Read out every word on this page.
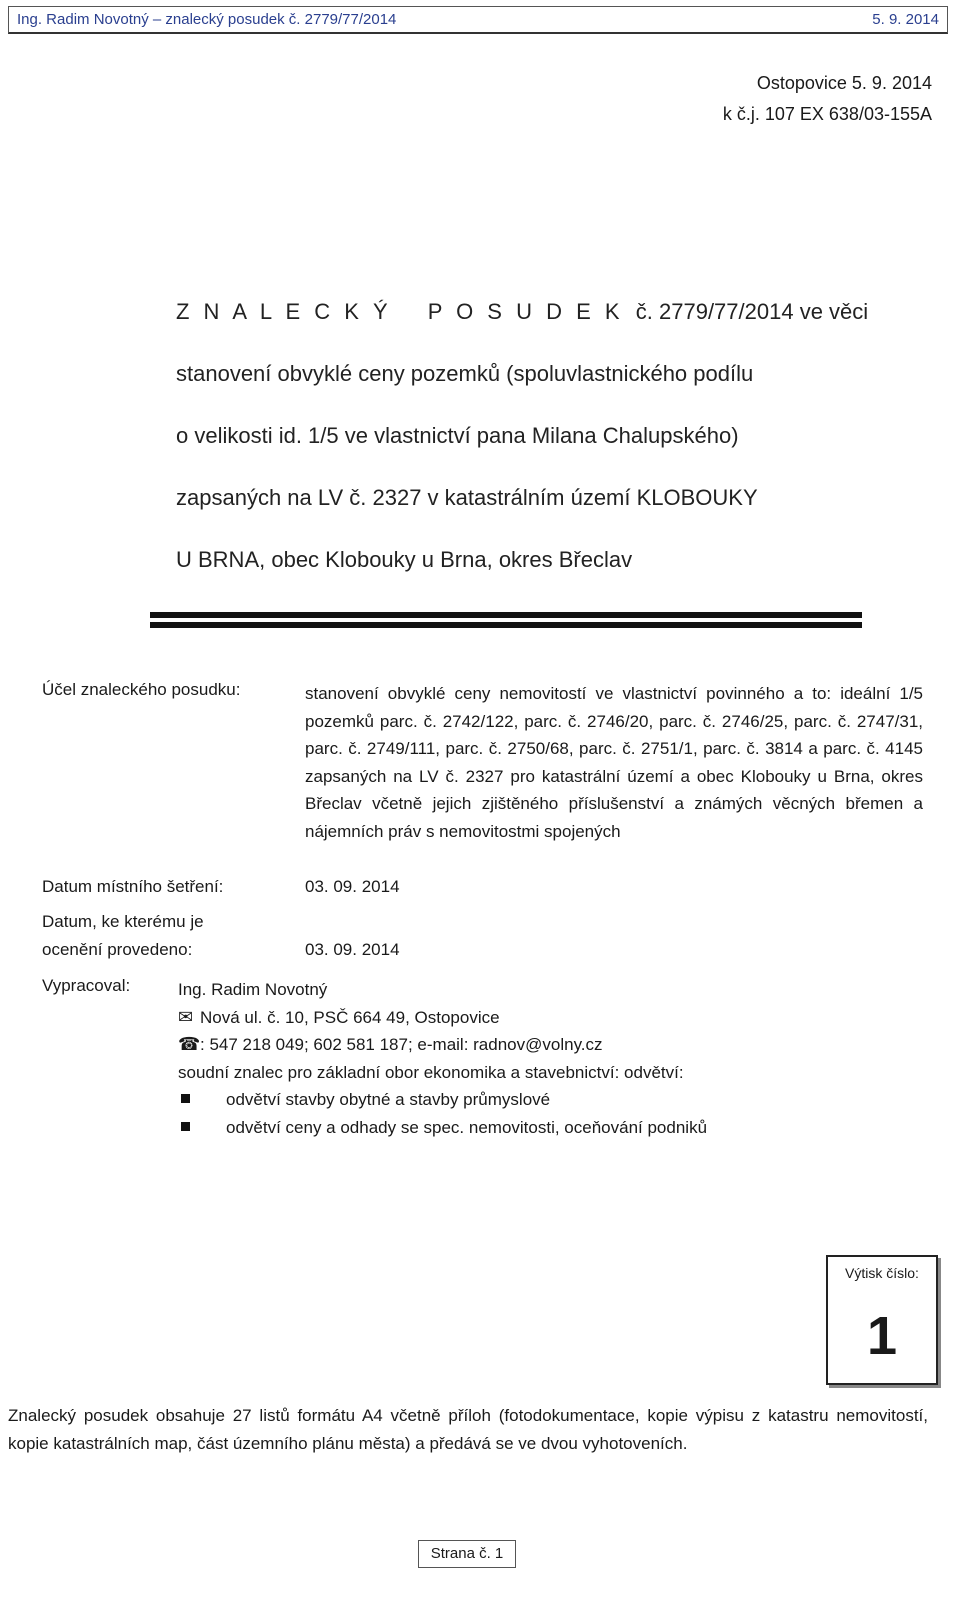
Ing. Radim Novotný – znalecký posudek č. 2779/77/2014	5. 9. 2014
Ostopovice 5. 9. 2014
k č.j. 107 EX 638/03-155A
Z N A L E C K Ý P O S U D E K č. 2779/77/2014 ve věci
stanovení obvyklé ceny pozemků (spoluvlastnického podílu
o velikosti id. 1/5 ve vlastnictví pana Milana Chalupského)
zapsaných na LV č. 2327 v katastrálním území KLOBOUKY
U BRNA, obec Klobouky u Brna, okres Břeclav
Účel znaleckého posudku:	stanovení obvyklé ceny nemovitostí ve vlastnictví povinného a to: ideální 1/5 pozemků parc. č. 2742/122, parc. č. 2746/20, parc. č. 2746/25, parc. č. 2747/31, parc. č. 2749/111, parc. č. 2750/68, parc. č. 2751/1, parc. č. 3814 a parc. č. 4145 zapsaných na LV č. 2327 pro katastrální území a obec Klobouky u Brna, okres Břeclav včetně jejich zjištěného příslušenství a známých věcných břemen a nájemních práv s nemovitostmi spojených
Datum místního šetření:	03. 09. 2014
Datum, ke kterému je
ocenění provedeno:	03. 09. 2014
Vypracoval:	Ing. Radim Novotný
✉ Nová ul. č. 10, PSČ 664 49, Ostopovice
☎: 547 218 049; 602 581 187; e-mail: radnov@volny.cz
soudní znalec pro základní obor ekonomika a stavebnictví: odvětví:
odvětví stavby obytné a stavby průmyslové
odvětví ceny a odhady se spec. nemovitosti, oceňování podniků
Výtisk číslo:
1
Znalecký posudek obsahuje 27 listů formátu A4 včetně příloh (fotodokumentace, kopie výpisu z katastru nemovitostí, kopie katastrálních map, část územního plánu města) a předává se ve dvou vyhotoveních.
Strana č. 1
